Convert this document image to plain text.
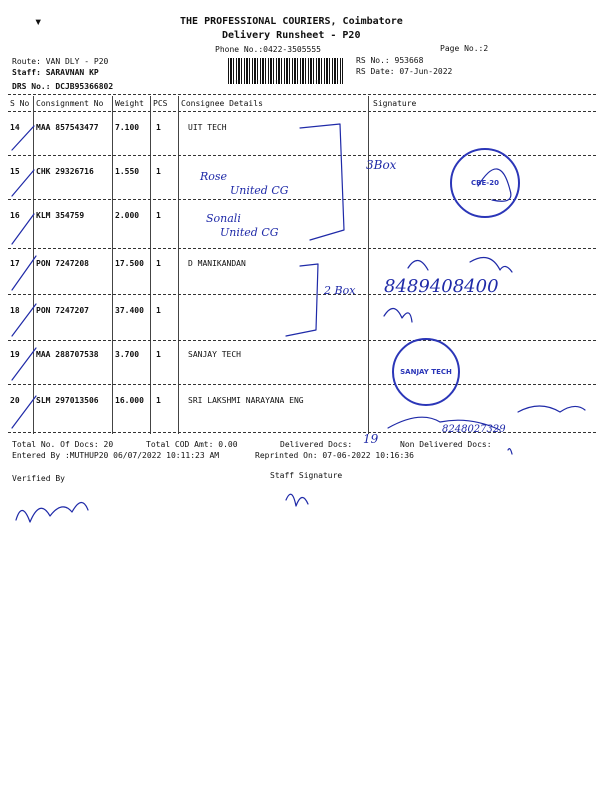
THE PROFESSIONAL COURIERS, Coimbatore
Delivery Runsheet - P20
Phone No.:0422-3505555	Page No.:2
Route: VAN DLY - P20
Staff: SARAVNAN KP
DRS No.: DCJB95366802
RS No.: 953668
RS Date: 07-Jun-2022
▾
S No Consignment No Weight PCS Consignee Details	Signature
14 MAA 857543477 7.100 1	UIT TECH
15 CHK 29326716	1.550 1
16 KLM 354759	2.000 1
17 PON 7247208	17.500 1	D MANIKANDAN
18 PON 7247207	37.400 1
19 MAA 288707538 3.700 1	SANJAY TECH
20 SLM 297013506 16.000 1	SRI LAKSHMI NARAYANA ENG
Total No. Of Docs: 20	Total COD Amt: 0.00	Delivered Docs: 19	Non Delivered Docs:
Entered By :MUTHUP20 06/07/2022 10:11:23 AM	Reprinted On: 07-06-2022 10:16:36
Verified By	Staff Signature
3Box
Rose
United CG
Sonali
United CG
2 Box 8489408400
8248027329
CBE-20
SANJAY TECH
